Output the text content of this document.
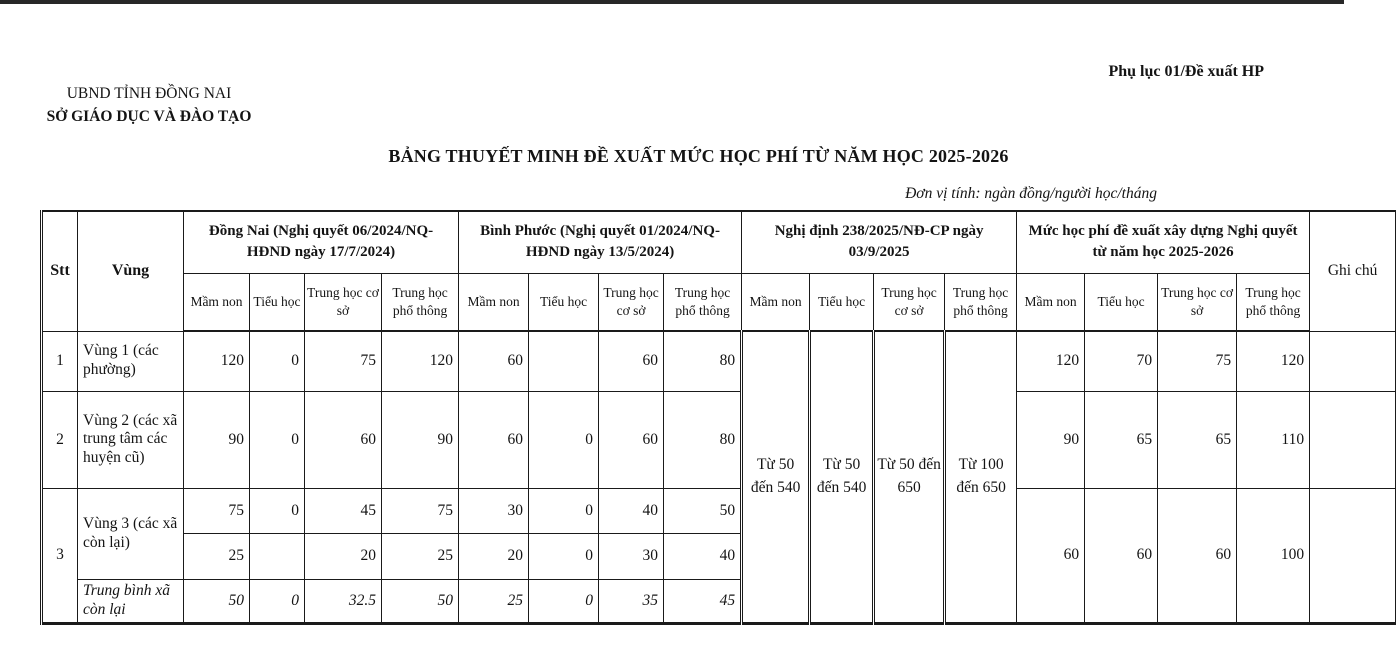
UBND TỈNH ĐỒNG NAI
SỞ GIÁO DỤC VÀ ĐÀO TẠO
Phụ lục 01/Đề xuất HP
BẢNG THUYẾT MINH ĐỀ XUẤT MỨC HỌC PHÍ TỪ NĂM HỌC 2025-2026
Đơn vị tính: ngàn đồng/người học/tháng
Stt	Vùng	Đồng Nai (Nghị quyết 06/2024/NQ-HĐND ngày 17/7/2024)				Bình Phước (Nghị quyết 01/2024/NQ-HĐND ngày 13/5/2024)				Nghị định 238/2025/NĐ-CP ngày 03/9/2025				Mức học phí đề xuất xây dựng Nghị quyết từ năm học 2025-2026				Ghi chú
		Mầm non	Tiểu học	Trung học cơ sở	Trung học phổ thông	Mầm non	Tiểu học	Trung học cơ sở	Trung học phổ thông	Mầm non	Tiểu học	Trung học cơ sở	Trung học phổ thông	Mầm non	Tiểu học	Trung học cơ sở	Trung học phổ thông	
1	Vùng 1 (các phường)	120	0	75	120	60		60	80	Từ 50 đến 540	Từ 50 đến 540	Từ 50 đến 650	Từ 100 đến 650	120	70	75	120	
2	Vùng 2 (các xã trung tâm các huyện cũ)	90	0	60	90	60	0	60	80					90	65	65	110	
3	Vùng 3 (các xã còn lại)	75	0	45	75	30	0	40	50					60	60	60	100	
		25		20	25	20	0	30	40									
	Trung bình xã còn lại	50	0	32.5	50	25	0	35	45									
